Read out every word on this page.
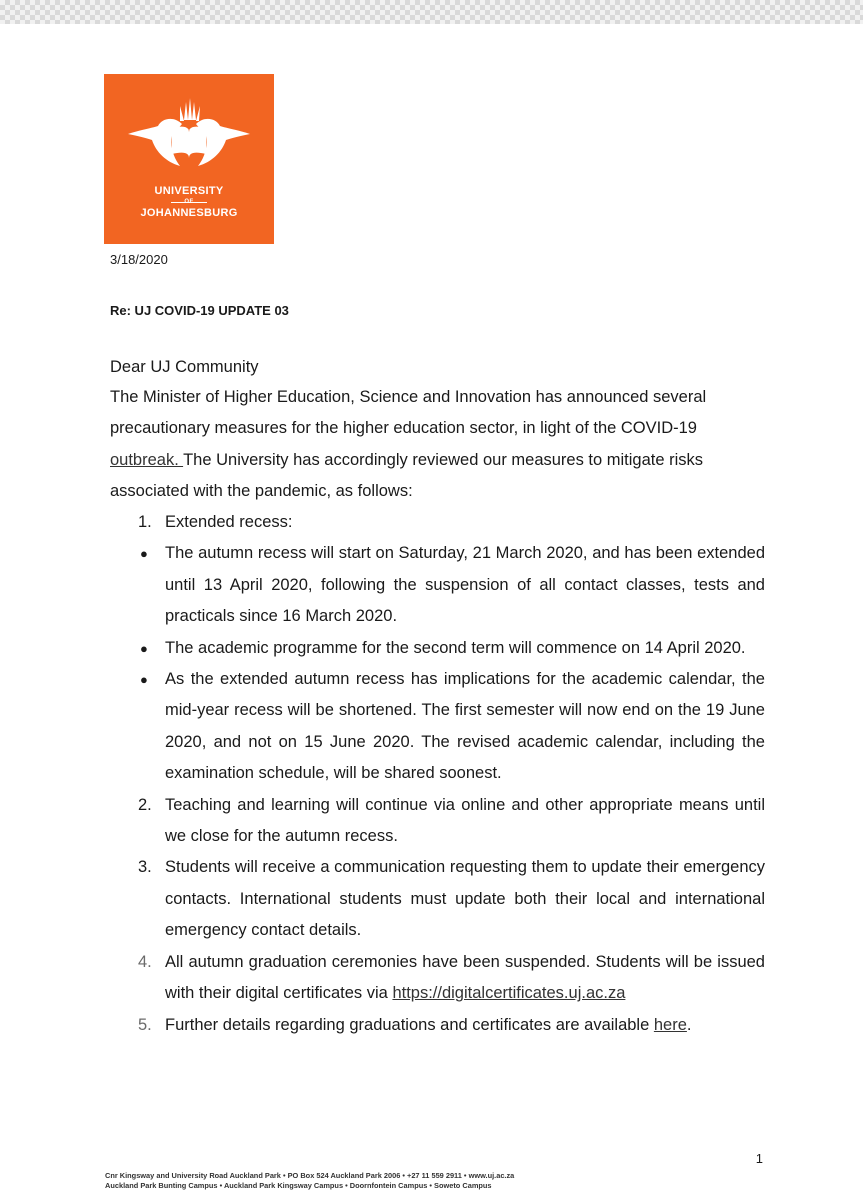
UNIVERSITY
OF
JOHANNESBURG
3/18/2020
Re: UJ COVID-19 UPDATE 03
Dear UJ Community
The Minister of Higher Education, Science and Innovation has announced several precautionary measures for the higher education sector, in light of the COVID-19 outbreak. The University has accordingly reviewed our measures to mitigate risks associated with the pandemic, as follows:
1. Extended recess:
● The autumn recess will start on Saturday, 21 March 2020, and has been extended until 13 April 2020, following the suspension of all contact classes, tests and practicals since 16 March 2020.
● The academic programme for the second term will commence on 14 April 2020.
● As the extended autumn recess has implications for the academic calendar, the mid-year recess will be shortened. The first semester will now end on the 19 June 2020, and not on 15 June 2020. The revised academic calendar, including the examination schedule, will be shared soonest.
2. Teaching and learning will continue via online and other appropriate means until we close for the autumn recess.
3. Students will receive a communication requesting them to update their emergency contacts. International students must update both their local and international emergency contact details.
4. All autumn graduation ceremonies have been suspended. Students will be issued with their digital certificates via https://digitalcertificates.uj.ac.za
5. Further details regarding graduations and certificates are available here.
1
Cnr Kingsway and University Road Auckland Park • PO Box 524 Auckland Park 2006 • +27 11 559 2911 • www.uj.ac.za
Auckland Park Bunting Campus • Auckland Park Kingsway Campus • Doornfontein Campus • Soweto Campus
